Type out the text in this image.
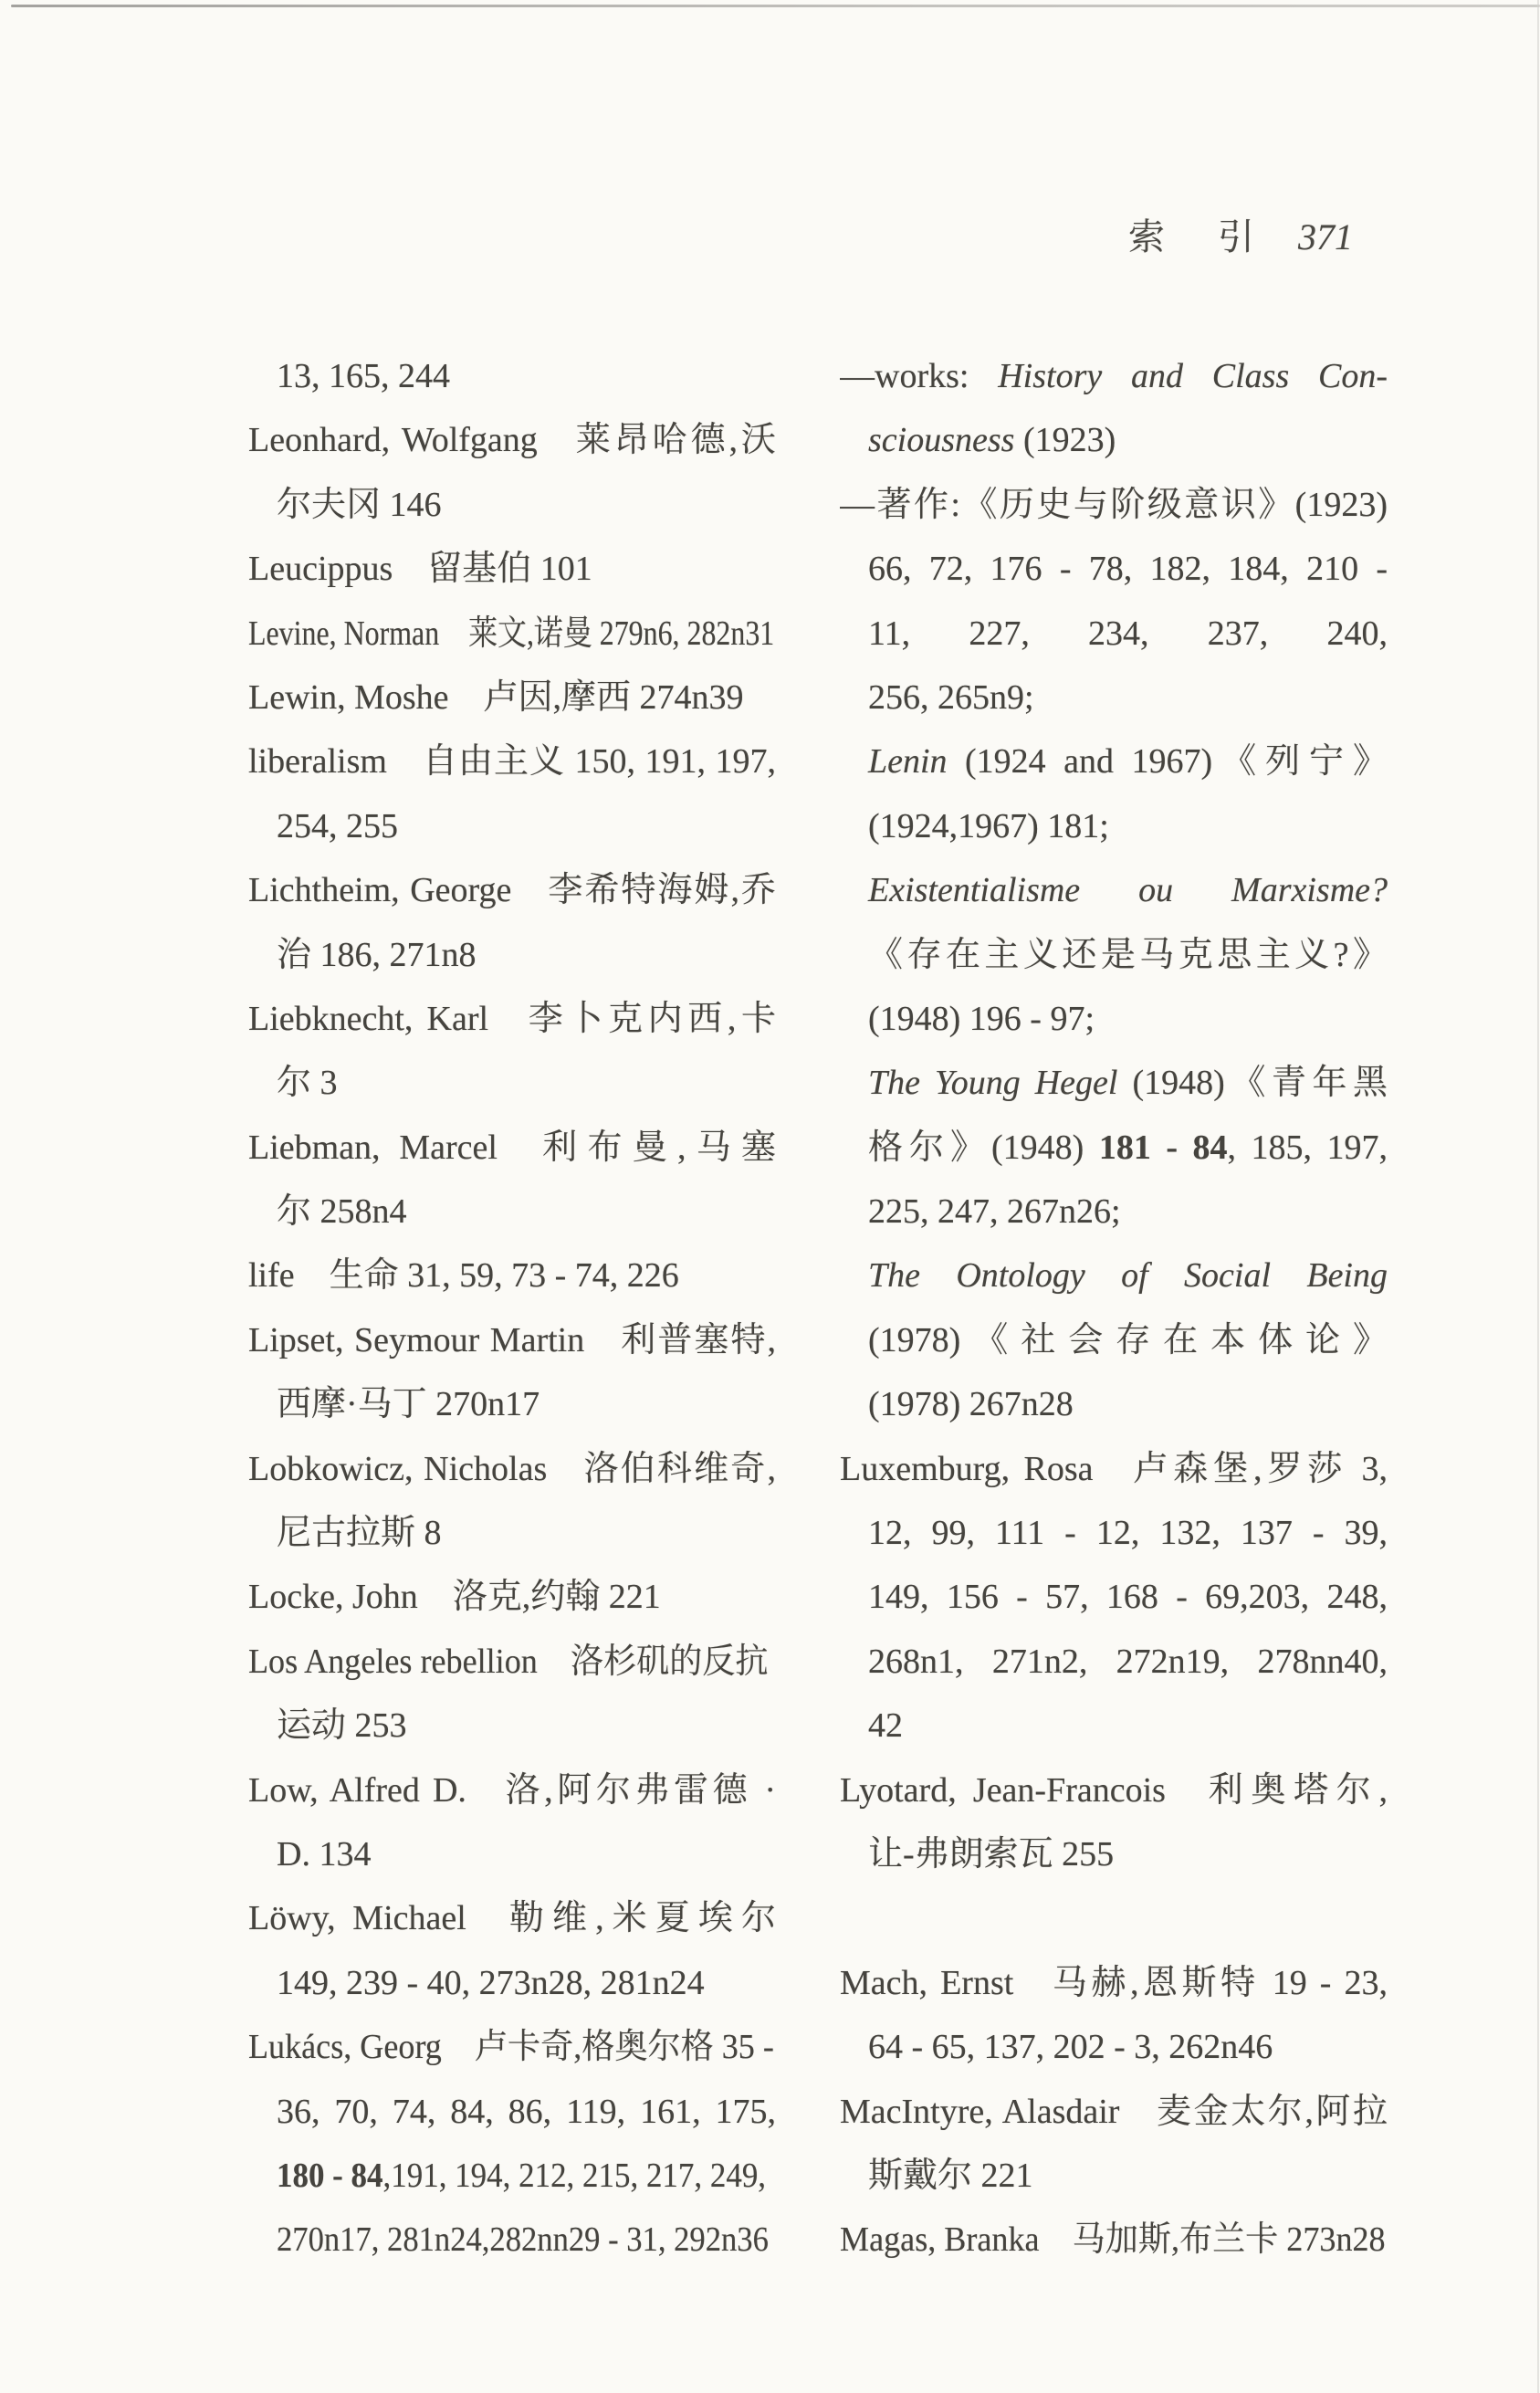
索 引 371
13, 165, 244
Leonhard, Wolfgang 莱昂哈德,沃
尔夫冈 146
Leucippus 留基伯 101
Levine, Norman 莱文,诺曼 279n6, 282n31
Lewin, Moshe 卢因,摩西 274n39
liberalism 自由主义 150, 191, 197,
254, 255
Lichtheim, George 李希特海姆,乔
治 186, 271n8
Liebknecht, Karl 李卜克内西,卡
尔 3
Liebman, Marcel 利布曼,马塞
尔 258n4
life 生命 31, 59, 73 - 74, 226
Lipset, Seymour Martin 利普塞特,
西摩·马丁 270n17
Lobkowicz, Nicholas 洛伯科维奇,
尼古拉斯 8
Locke, John 洛克,约翰 221
Los Angeles rebellion 洛杉矶的反抗
运动 253
Low, Alfred D. 洛,阿尔弗雷德 ·
D. 134
Löwy, Michael 勒维,米夏埃尔
149, 239 - 40, 273n28, 281n24
Lukács, Georg 卢卡奇,格奥尔格 35 -
36, 70, 74, 84, 86, 119, 161, 175,
180 - 84,191, 194, 212, 215, 217, 249,
270n17, 281n24,282nn29 - 31, 292n36
—works: History and Class Con-
sciousness (1923)
—著作:《历史与阶级意识》(1923)
66, 72, 176 - 78, 182, 184, 210 -
11, 227, 234, 237, 240,
256, 265n9;
Lenin (1924 and 1967)《列宁》
(1924,1967) 181;
Existentialisme ou Marxisme?
《存在主义还是马克思主义?》
(1948) 196 - 97;
The Young Hegel (1948)《青年黑
格尔》(1948) 181 - 84, 185, 197,
225, 247, 267n26;
The Ontology of Social Being
(1978)《社会存在本体论》
(1978) 267n28
Luxemburg, Rosa 卢森堡,罗莎 3,
12, 99, 111 - 12, 132, 137 - 39,
149, 156 - 57, 168 - 69,203, 248,
268n1, 271n2, 272n19, 278nn40,
42
Lyotard, Jean-Francois 利奥塔尔,
让-弗朗索瓦 255

Mach, Ernst 马赫,恩斯特 19 - 23,
64 - 65, 137, 202 - 3, 262n46
MacIntyre, Alasdair 麦金太尔,阿拉
斯戴尔 221
Magas, Branka 马加斯,布兰卡 273n28
